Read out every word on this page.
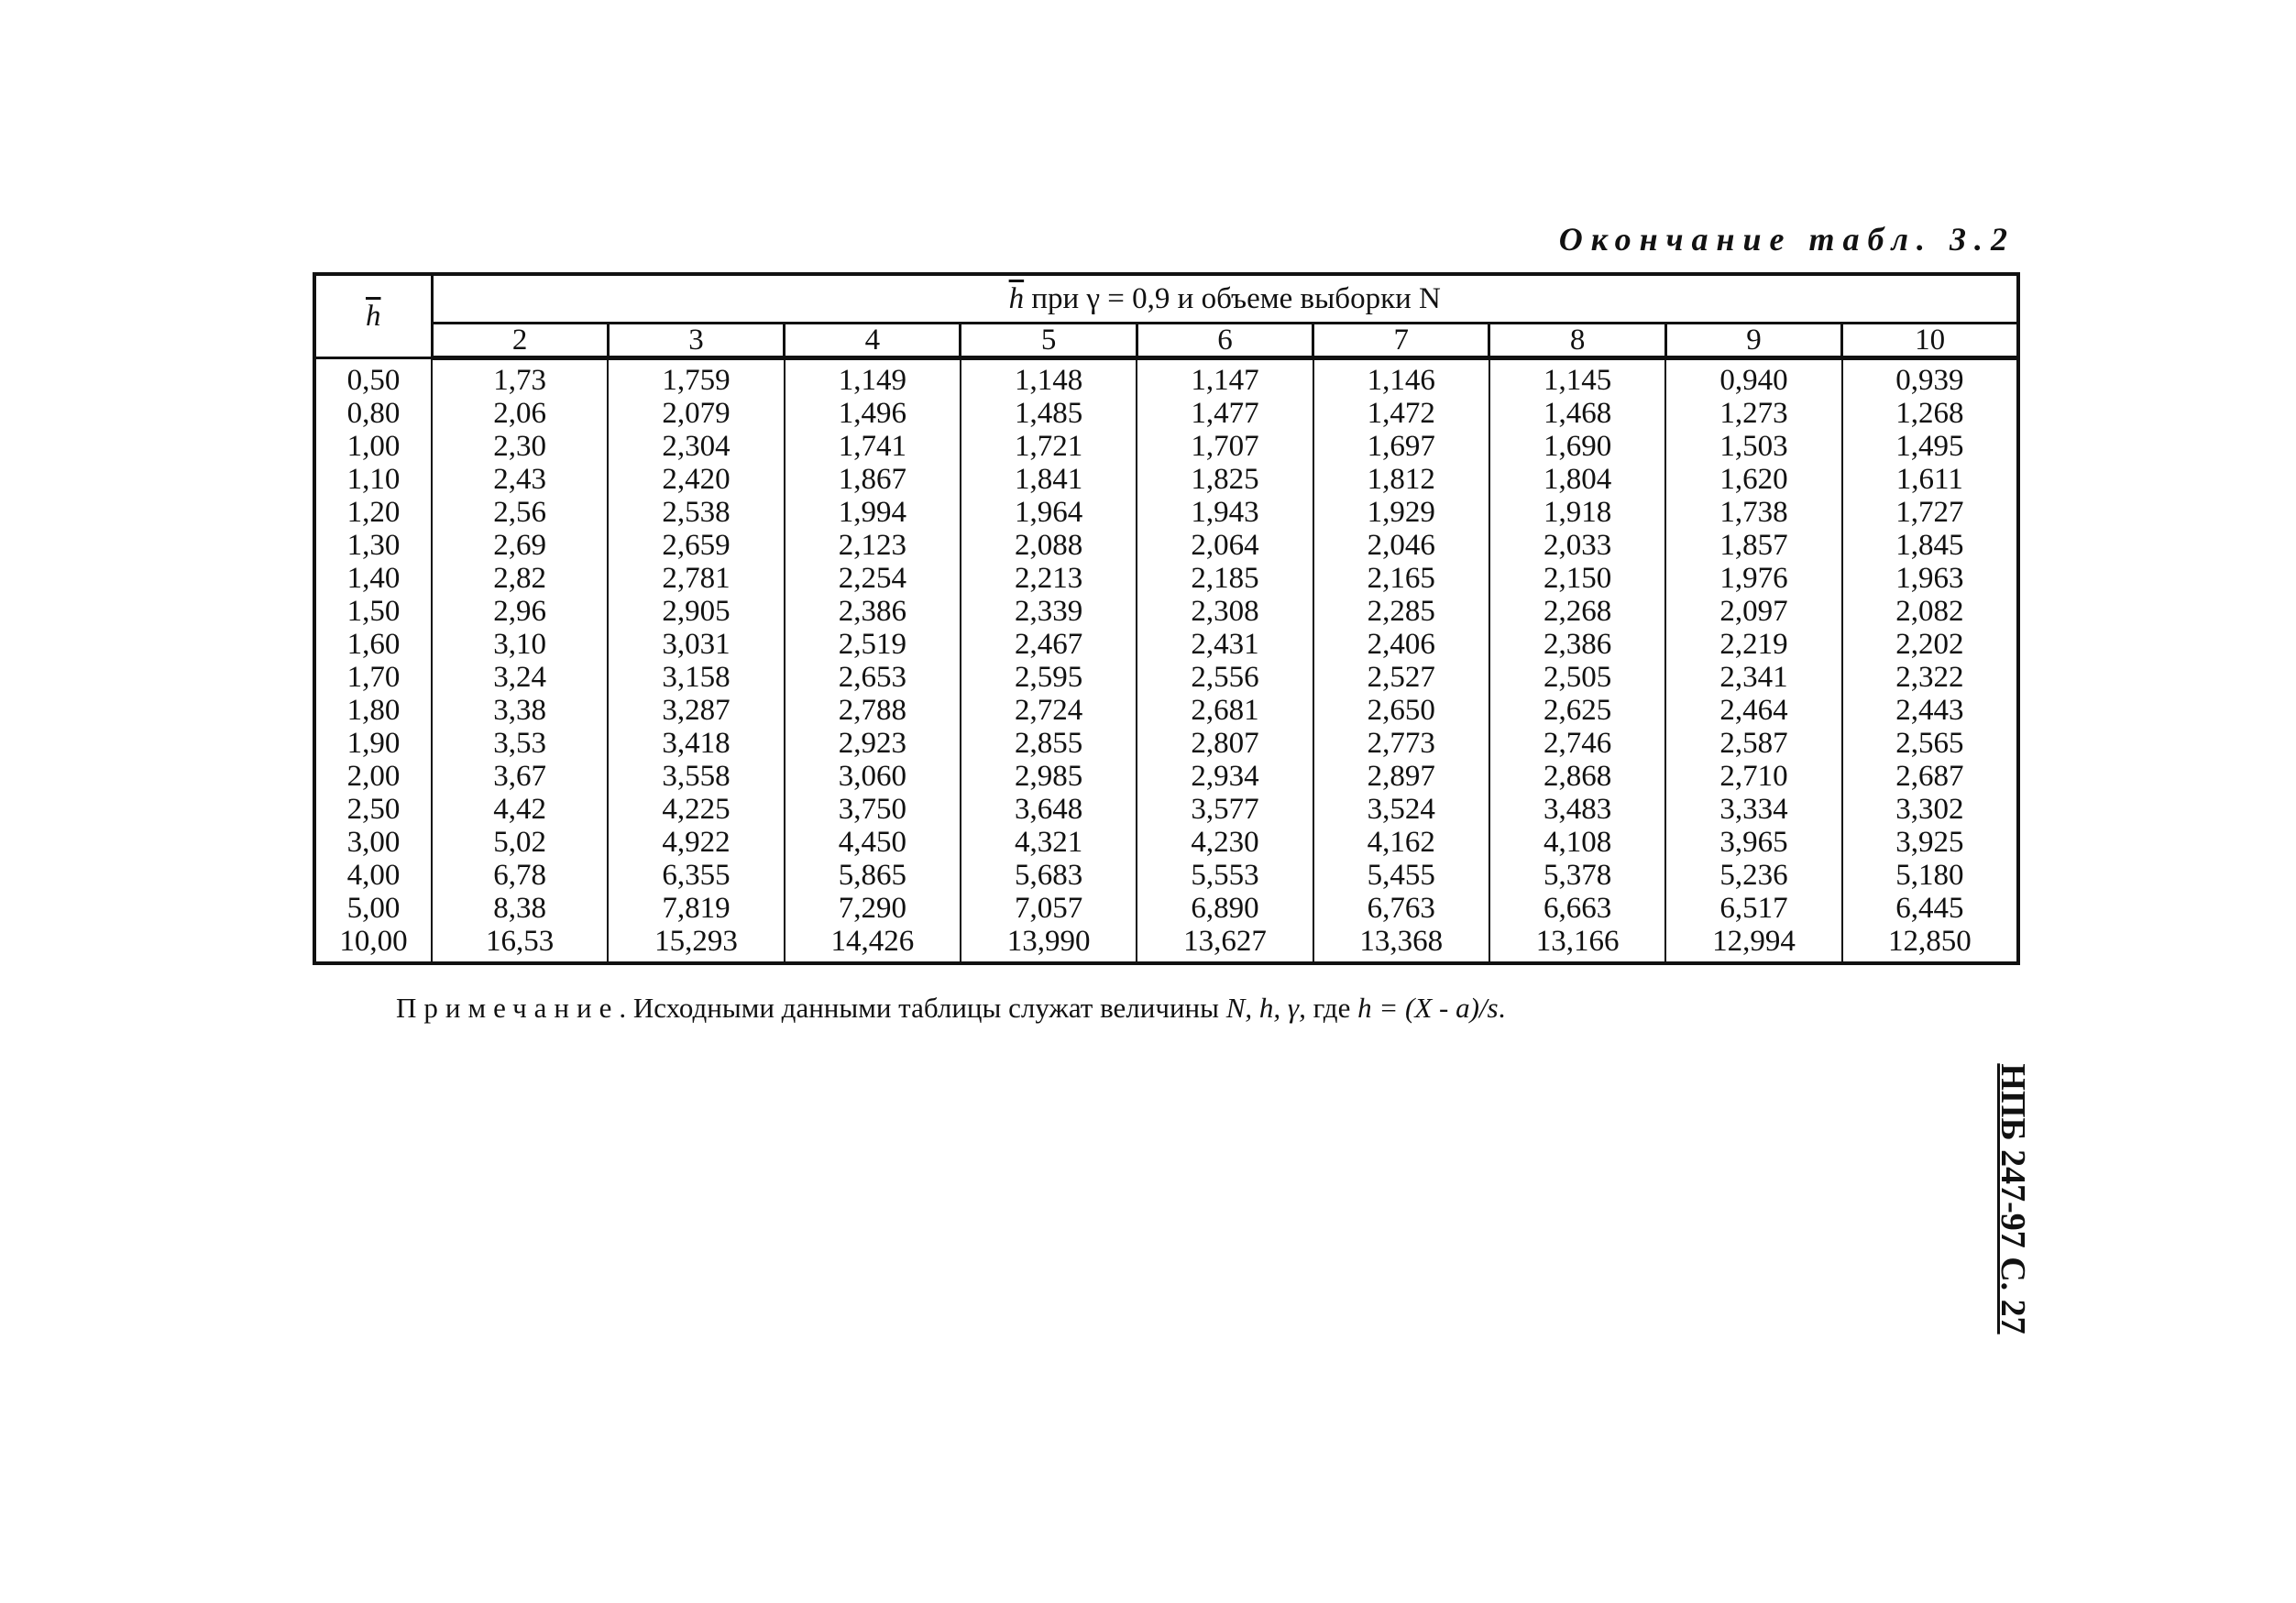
Окончание табл. 3.2
$\overline{h}$	$\overline{h}$ при γ = 0,9 и объеме выборки N								
	2	3	4	5	6	7	8	9	10
0,50	1,73	1,759	1,149	1,148	1,147	1,146	1,145	0,940	0,939
0,80	2,06	2,079	1,496	1,485	1,477	1,472	1,468	1,273	1,268
1,00	2,30	2,304	1,741	1,721	1,707	1,697	1,690	1,503	1,495
1,10	2,43	2,420	1,867	1,841	1,825	1,812	1,804	1,620	1,611
1,20	2,56	2,538	1,994	1,964	1,943	1,929	1,918	1,738	1,727
1,30	2,69	2,659	2,123	2,088	2,064	2,046	2,033	1,857	1,845
1,40	2,82	2,781	2,254	2,213	2,185	2,165	2,150	1,976	1,963
1,50	2,96	2,905	2,386	2,339	2,308	2,285	2,268	2,097	2,082
1,60	3,10	3,031	2,519	2,467	2,431	2,406	2,386	2,219	2,202
1,70	3,24	3,158	2,653	2,595	2,556	2,527	2,505	2,341	2,322
1,80	3,38	3,287	2,788	2,724	2,681	2,650	2,625	2,464	2,443
1,90	3,53	3,418	2,923	2,855	2,807	2,773	2,746	2,587	2,565
2,00	3,67	3,558	3,060	2,985	2,934	2,897	2,868	2,710	2,687
2,50	4,42	4,225	3,750	3,648	3,577	3,524	3,483	3,334	3,302
3,00	5,02	4,922	4,450	4,321	4,230	4,162	4,108	3,965	3,925
4,00	6,78	6,355	5,865	5,683	5,553	5,455	5,378	5,236	5,180
5,00	8,38	7,819	7,290	7,057	6,890	6,763	6,663	6,517	6,445
10,00	16,53	15,293	14,426	13,990	13,627	13,368	13,166	12,994	12,850
Примечание. Исходными данными таблицы служат величины N, h, γ, где h = (X - a)/s.
НПБ 247-97 С. 27
